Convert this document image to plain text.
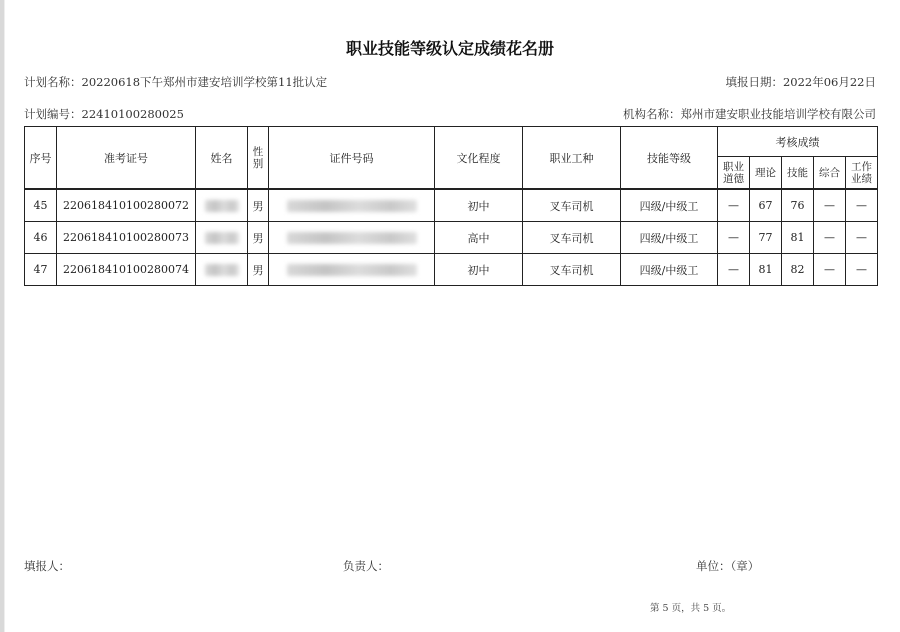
职业技能等级认定成绩花名册
计划名称：20220618下午郑州市建安培训学校第11批认定	填报日期：2022年06月22日
计划编号：22410100280025	机构名称：郑州市建安职业技能培训学校有限公司
序号	准考证号	姓名	性别	证件号码	文化程度	职业工种	技能等级	考核成绩				
								职业道德	理论	技能	综合	工作业绩
45	220618410100280072		男		初中	叉车司机	四级/中级工	—	67	76	—	—
46	220618410100280073		男		高中	叉车司机	四级/中级工	—	77	81	—	—
47	220618410100280074		男		初中	叉车司机	四级/中级工	—	81	82	—	—
填报人：	负责人：	单位：（章）
第 5 页，共 5 页。
